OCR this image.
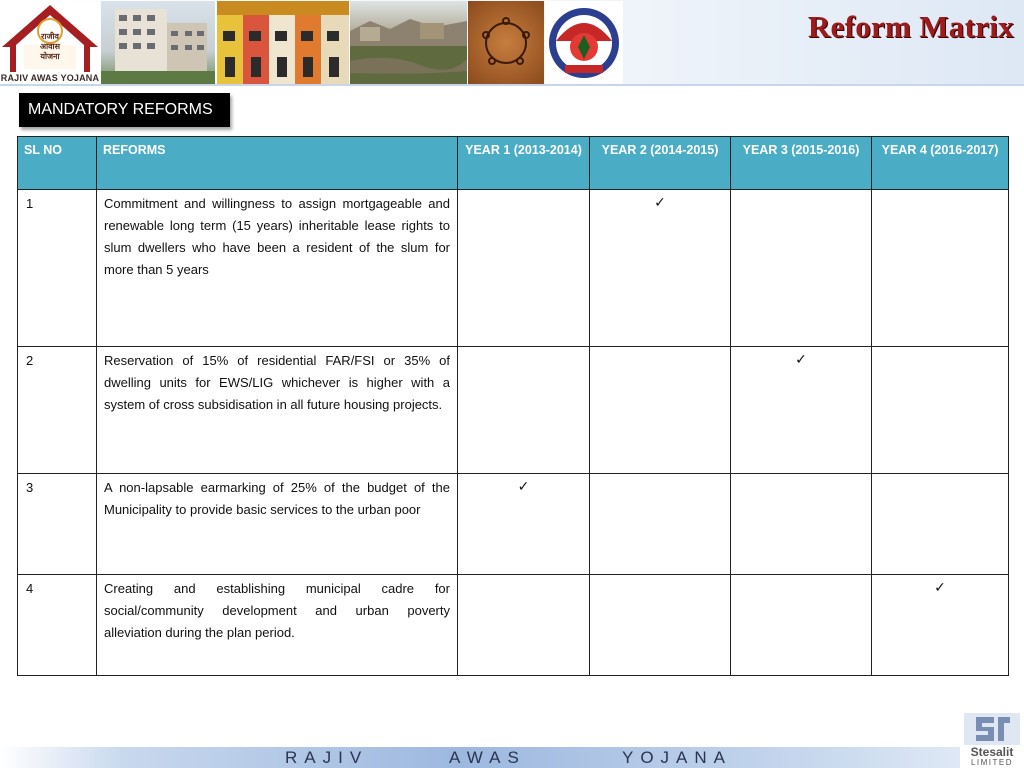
राजीव
आवास
योजना
RAJIV AWAS YOJANA
Reform Matrix
MANDATORY REFORMS
SL NO	REFORMS	YEAR 1 (2013-2014)	YEAR 2 (2014-2015)	YEAR 3 (2015-2016)	YEAR 4 (2016-2017)
1	Commitment and willingness to assign mortgageable and renewable long term (15 years) inheritable lease rights to slum dwellers who have been a resident of the slum for more than 5 years		✓		

2	Reservation of 15% of residential FAR/FSI or 35% of dwelling units for EWS/LIG whichever is higher with a system of cross subsidisation in all future housing projects.			✓	

3	A non-lapsable earmarking of 25% of the budget of the Municipality to provide basic services to the urban poor	✓			

4	Creating and establishing municipal cadre for social/community development and urban poverty alleviation during the plan period.				✓
RAJIV	AWAS	YOJANA	Stesalit
LIMITED
